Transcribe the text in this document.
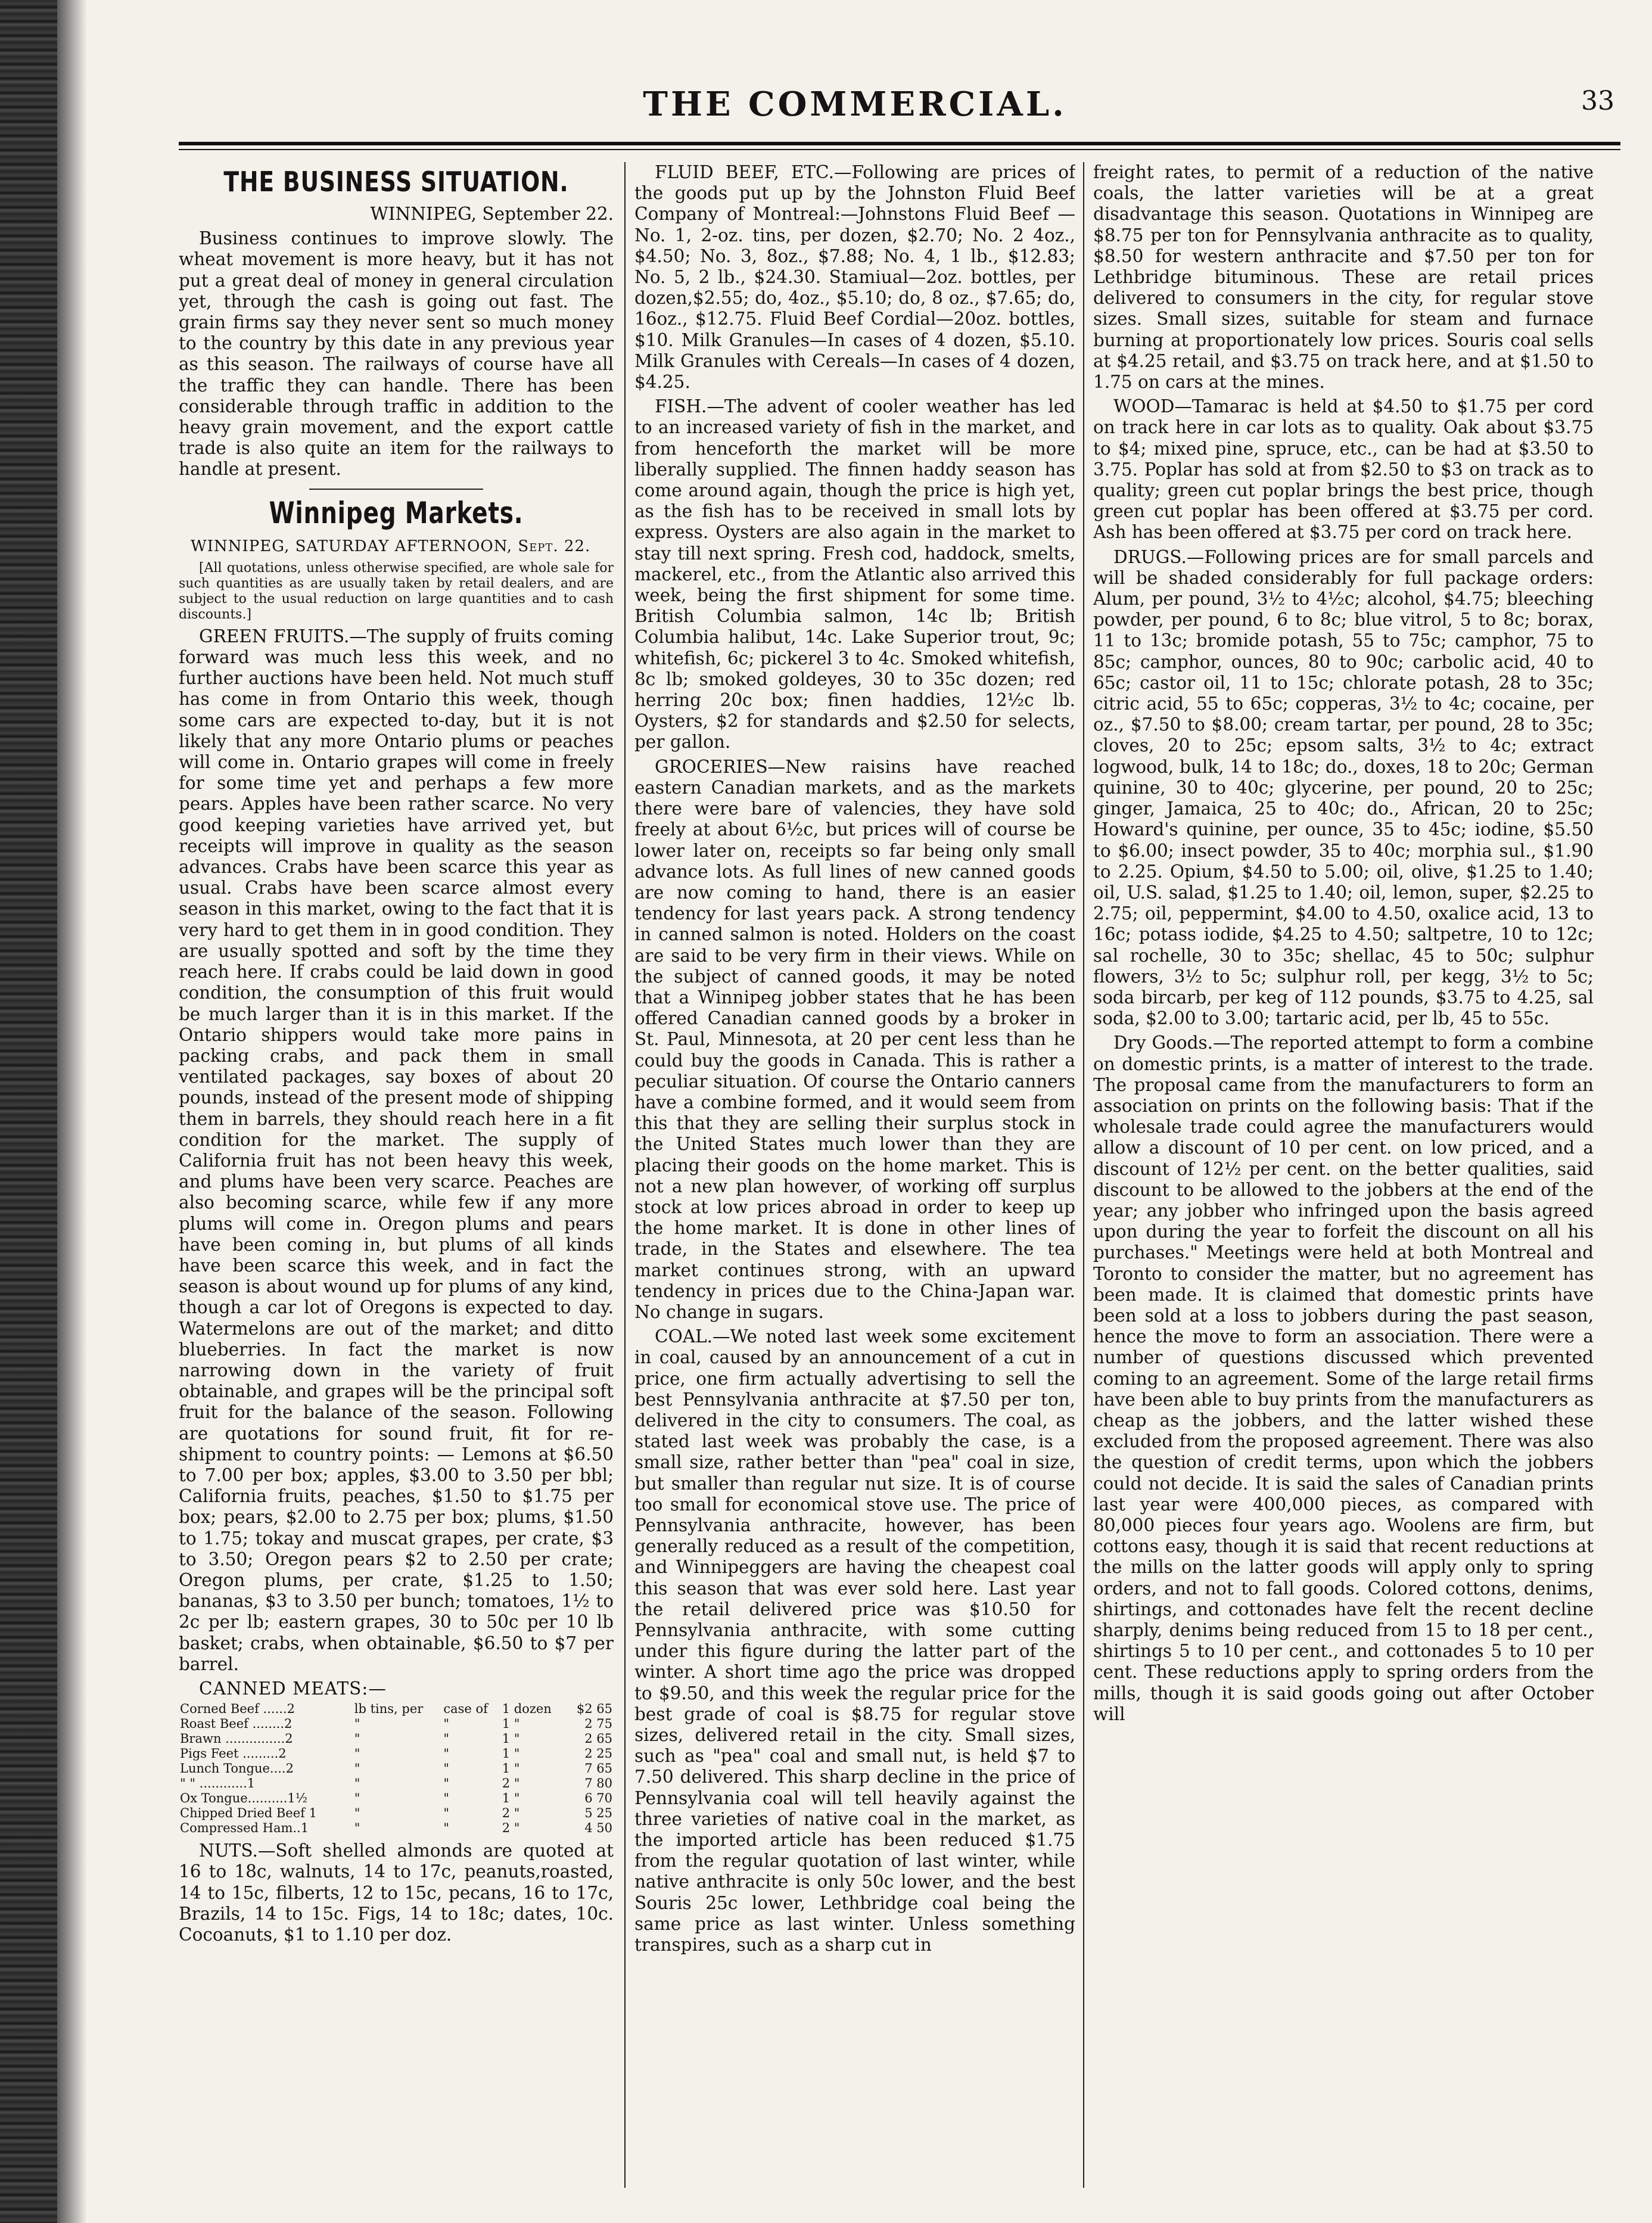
THE COMMERCIAL.	33
THE BUSINESS SITUATION.
WINNIPEG, September 22.

Business continues to improve slowly. The wheat movement is more heavy, but it has not put a great deal of money in general circulation yet, through the cash is going out fast. The grain firms say they never sent so much money to the country by this date in any previous year as this season. The railways of course have all the traffic they can handle. There has been considerable through traffic in addition to the heavy grain movement, and the export cattle trade is also quite an item for the railways to handle at present.

Winnipeg Markets.

WINNIPEG, SATURDAY AFTERNOON, Sept. 22.

[All quotations, unless otherwise specified, are whole sale for such quantities as are usually taken by retail dealers, and are subject to the usual reduction on large quantities and to cash discounts.]

GREEN FRUITS.—The supply of fruits coming forward was much less this week, and no further auctions have been held. Not much stuff has come in from Ontario this week, though some cars are expected to-day, but it is not likely that any more Ontario plums or peaches will come in. Ontario grapes will come in freely for some time yet and perhaps a few more pears. Apples have been rather scarce. No very good keeping varieties have arrived yet, but receipts will improve in quality as the season advances. Crabs have been scarce this year as usual. Crabs have been scarce almost every season in this market, owing to the fact that it is very hard to get them in in good condition. They are usually spotted and soft by the time they reach here. If crabs could be laid down in good condition, the consumption of this fruit would be much larger than it is in this market. If the Ontario shippers would take more pains in packing crabs, and pack them in small ventilated packages, say boxes of about 20 pounds, instead of the present mode of shipping them in barrels, they should reach here in a fit condition for the market. The supply of California fruit has not been heavy this week, and plums have been very scarce. Peaches are also becoming scarce, while few if any more plums will come in. Oregon plums and pears have been coming in, but plums of all kinds have been scarce this week, and in fact the season is about wound up for plums of any kind, though a car lot of Oregons is expected to day. Watermelons are out of the market; and ditto blueberries. In fact the market is now narrowing down in the variety of fruit obtainable, and grapes will be the principal soft fruit for the balance of the season. Following are quotations for sound fruit, fit for re-shipment to country points: — Lemons at $6.50 to 7.00 per box; apples, $3.00 to 3.50 per bbl; California fruits, peaches, $1.50 to $1.75 per box; pears, $2.00 to 2.75 per box; plums, $1.50 to 1.75; tokay and muscat grapes, per crate, $3 to 3.50; Oregon pears $2 to 2.50 per crate; Oregon plums, per crate, $1.25 to 1.50; bananas, $3 to 3.50 per bunch; tomatoes, 1½ to 2c per lb; eastern grapes, 30 to 50c per 10 lb basket; crabs, when obtainable, $6.50 to $7 per barrel.

CANNED MEATS:—
Corned Beef ......2	lb tins, per	case of	1 dozen	$2 65
Roast Beef ........2	"	"	1 "	2 75
Brawn ...............2	"	"	1 "	2 65
Pigs Feet .........2	"	"	1 "	2 25
Lunch Tongue....2	"	"	1 "	7 65
" " ............1	"	"	2 "	7 80
Ox Tongue..........1½	"	"	1 "	6 70
Chipped Dried Beef 1	"	"	2 "	5 25
Compressed Ham..1	"	"	2 "	4 50

NUTS.—Soft shelled almonds are quoted at 16 to 18c, walnuts, 14 to 17c, peanuts,roasted, 14 to 15c, filberts, 12 to 15c, pecans, 16 to 17c, Brazils, 14 to 15c. Figs, 14 to 18c; dates, 10c. Cocoanuts, $1 to 1.10 per doz.

FLUID BEEF, ETC.—Following are prices of the goods put up by the Johnston Fluid Beef Company of Montreal:—Johnstons Fluid Beef —No. 1, 2-oz. tins, per dozen, $2.70; No. 2 4oz., $4.50; No. 3, 8oz., $7.88; No. 4, 1 lb., $12.83; No. 5, 2 lb., $24.30. Stamiual—2oz. bottles, per dozen,$2.55; do, 4oz., $5.10; do, 8 oz., $7.65; do, 16oz., $12.75. Fluid Beef Cordial—20oz. bottles, $10. Milk Granules—In cases of 4 dozen, $5.10. Milk Granules with Cereals—In cases of 4 dozen, $4.25.

FISH.—The advent of cooler weather has led to an increased variety of fish in the market, and from henceforth the market will be more liberally supplied. The finnen haddy season has come around again, though the price is high yet, as the fish has to be received in small lots by express. Oysters are also again in the market to stay till next spring. Fresh cod, haddock, smelts, mackerel, etc., from the Atlantic also arrived this week, being the first shipment for some time. British Columbia salmon, 14c lb; British Columbia halibut, 14c. Lake Superior trout, 9c; whitefish, 6c; pickerel 3 to 4c. Smoked whitefish, 8c lb; smoked goldeyes, 30 to 35c dozen; red herring 20c box; finen haddies, 12½c lb. Oysters, $2 for standards and $2.50 for selects, per gallon.

GROCERIES—New raisins have reached eastern Canadian markets, and as the markets there were bare of valencies, they have sold freely at about 6½c, but prices will of course be lower later on, receipts so far being only small advance lots. As full lines of new canned goods are now coming to hand, there is an easier tendency for last years pack. A strong tendency in canned salmon is noted. Holders on the coast are said to be very firm in their views. While on the subject of canned goods, it may be noted that a Winnipeg jobber states that he has been offered Canadian canned goods by a broker in St. Paul, Minnesota, at 20 per cent less than he could buy the goods in Canada. This is rather a peculiar situation. Of course the Ontario canners have a combine formed, and it would seem from this that they are selling their surplus stock in the United States much lower than they are placing their goods on the home market. This is not a new plan however, of working off surplus stock at low prices abroad in order to keep up the home market. It is done in other lines of trade, in the States and elsewhere. The tea market continues strong, with an upward tendency in prices due to the China-Japan war. No change in sugars.

COAL.—We noted last week some excitement in coal, caused by an announcement of a cut in price, one firm actually advertising to sell the best Pennsylvania anthracite at $7.50 per ton, delivered in the city to consumers. The coal, as stated last week was probably the case, is a small size, rather better than "pea" coal in size, but smaller than regular nut size. It is of course too small for economical stove use. The price of Pennsylvania anthracite, however, has been generally reduced as a result of the competition, and Winnipeggers are having the cheapest coal this season that was ever sold here. Last year the retail delivered price was $10.50 for Pennsylvania anthracite, with some cutting under this figure during the latter part of the winter. A short time ago the price was dropped to $9.50, and this week the regular price for the best grade of coal is $8.75 for regular stove sizes, delivered retail in the city. Small sizes, such as "pea" coal and small nut, is held $7 to 7.50 delivered. This sharp decline in the price of Pennsylvania coal will tell heavily against the three varieties of native coal in the market, as the imported article has been reduced $1.75 from the regular quotation of last winter, while native anthracite is only 50c lower, and the best Souris 25c lower, Lethbridge coal being the same price as last winter. Unless something transpires, such as a sharp cut in

freight rates, to permit of a reduction of the native coals, the latter varieties will be at a great disadvantage this season. Quotations in Winnipeg are $8.75 per ton for Pennsylvania anthracite as to quality, $8.50 for western anthracite and $7.50 per ton for Lethbridge bituminous. These are retail prices delivered to consumers in the city, for regular stove sizes. Small sizes, suitable for steam and furnace burning at proportionately low prices. Souris coal sells at $4.25 retail, and $3.75 on track here, and at $1.50 to 1.75 on cars at the mines.

WOOD—Tamarac is held at $4.50 to $1.75 per cord on track here in car lots as to quality. Oak about $3.75 to $4; mixed pine, spruce, etc., can be had at $3.50 to 3.75. Poplar has sold at from $2.50 to $3 on track as to quality; green cut poplar brings the best price, though green cut poplar has been offered at $3.75 per cord. Ash has been offered at $3.75 per cord on track here.

DRUGS.—Following prices are for small parcels and will be shaded considerably for full package orders: Alum, per pound, 3½ to 4½c; alcohol, $4.75; bleeching powder, per pound, 6 to 8c; blue vitrol, 5 to 8c; borax, 11 to 13c; bromide potash, 55 to 75c; camphor, 75 to 85c; camphor, ounces, 80 to 90c; carbolic acid, 40 to 65c; castor oil, 11 to 15c; chlorate potash, 28 to 35c; citric acid, 55 to 65c; copperas, 3½ to 4c; cocaine, per oz., $7.50 to $8.00; cream tartar, per pound, 28 to 35c; cloves, 20 to 25c; epsom salts, 3½ to 4c; extract logwood, bulk, 14 to 18c; do., doxes, 18 to 20c; German quinine, 30 to 40c; glycerine, per pound, 20 to 25c; ginger, Jamaica, 25 to 40c; do., African, 20 to 25c; Howard's quinine, per ounce, 35 to 45c; iodine, $5.50 to $6.00; insect powder, 35 to 40c; morphia sul., $1.90 to 2.25. Opium, $4.50 to 5.00; oil, olive, $1.25 to 1.40; oil, U.S. salad, $1.25 to 1.40; oil, lemon, super, $2.25 to 2.75; oil, peppermint, $4.00 to 4.50, oxalice acid, 13 to 16c; potass iodide, $4.25 to 4.50; saltpetre, 10 to 12c; sal rochelle, 30 to 35c; shellac, 45 to 50c; sulphur flowers, 3½ to 5c; sulphur roll, per kegg, 3½ to 5c; soda bircarb, per keg of 112 pounds, $3.75 to 4.25, sal soda, $2.00 to 3.00; tartaric acid, per lb, 45 to 55c.

Dry Goods.—The reported attempt to form a combine on domestic prints, is a matter of interest to the trade. The proposal came from the manufacturers to form an association on prints on the following basis: That if the wholesale trade could agree the manufacturers would allow a discount of 10 per cent. on low priced, and a discount of 12½ per cent. on the better qualities, said discount to be allowed to the jobbers at the end of the year; any jobber who infringed upon the basis agreed upon during the year to forfeit the discount on all his purchases." Meetings were held at both Montreal and Toronto to consider the matter, but no agreement has been made. It is claimed that domestic prints have been sold at a loss to jobbers during the past season, hence the move to form an association. There were a number of questions discussed which prevented coming to an agreement. Some of the large retail firms have been able to buy prints from the manufacturers as cheap as the jobbers, and the latter wished these excluded from the proposed agreement. There was also the question of credit terms, upon which the jobbers could not decide. It is said the sales of Canadian prints last year were 400,000 pieces, as compared with 80,000 pieces four years ago. Woolens are firm, but cottons easy, though it is said that recent reductions at the mills on the latter goods will apply only to spring orders, and not to fall goods. Colored cottons, denims, shirtings, and cottonades have felt the recent decline sharply, denims being reduced from 15 to 18 per cent., shirtings 5 to 10 per cent., and cottonades 5 to 10 per cent. These reductions apply to spring orders from the mills, though it is said goods going out after October will
